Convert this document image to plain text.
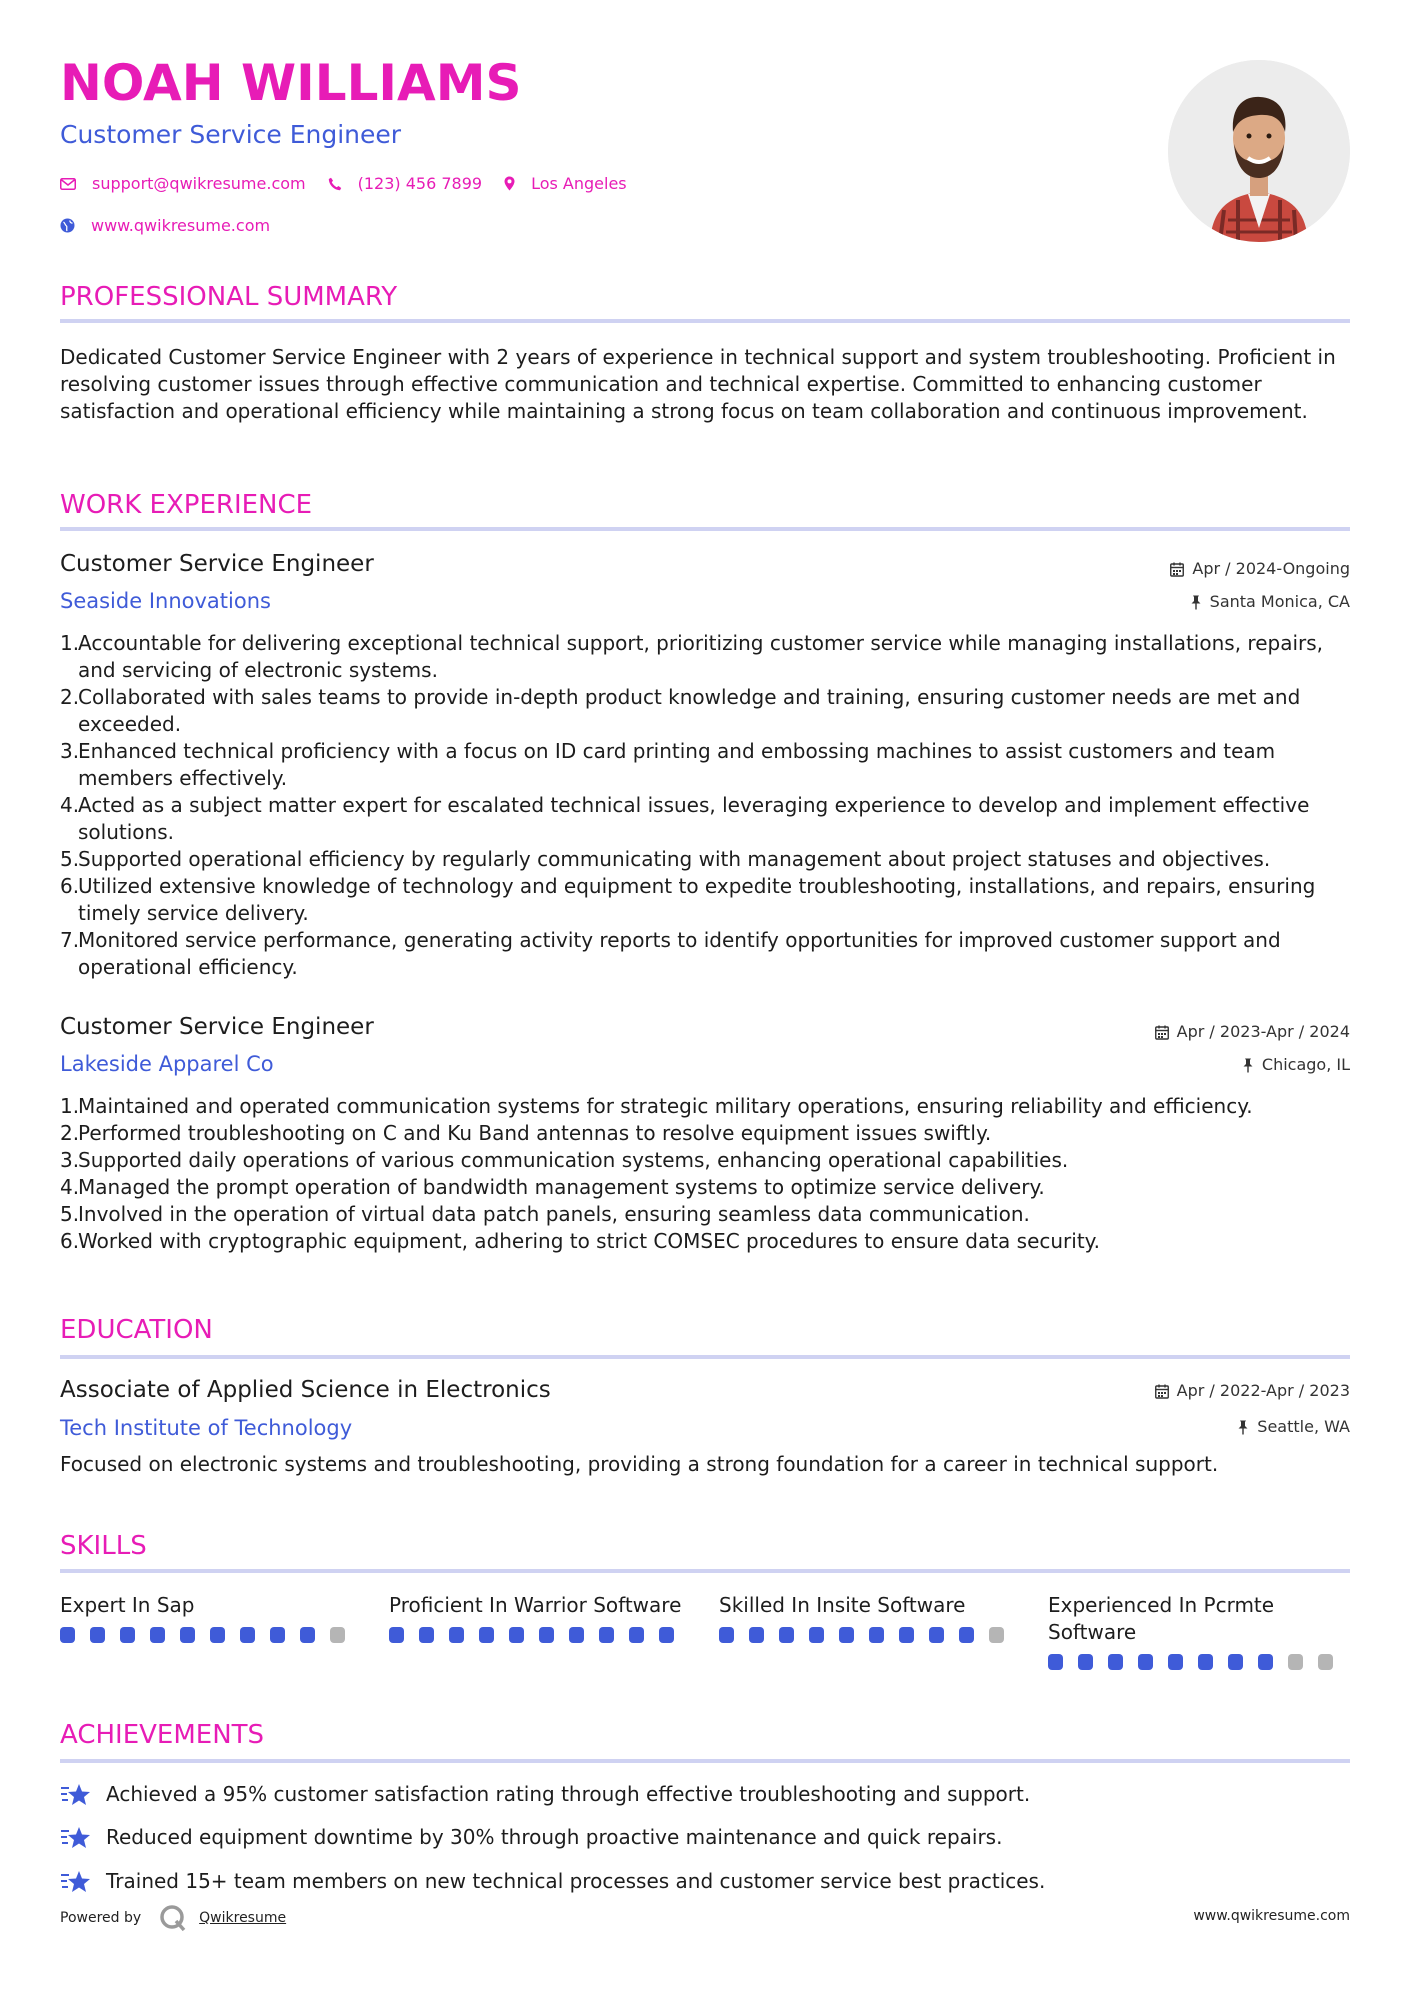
NOAH WILLIAMS
Customer Service Engineer
support@qwikresume.com	(123) 456 7899	Los Angeles
www.qwikresume.com
PROFESSIONAL SUMMARY
Dedicated Customer Service Engineer with 2 years of experience in technical support and system troubleshooting. Proficient in resolving customer issues through effective communication and technical expertise. Committed to enhancing customer satisfaction and operational efficiency while maintaining a strong focus on team collaboration and continuous improvement.
WORK EXPERIENCE
Customer Service Engineer	Apr / 2024-Ongoing
Seaside Innovations	Santa Monica, CA
1.
Accountable for delivering exceptional technical support, prioritizing customer service while managing installations, repairs, and servicing of electronic systems.
2.
Collaborated with sales teams to provide in-depth product knowledge and training, ensuring customer needs are met and exceeded.
3.
Enhanced technical proficiency with a focus on ID card printing and embossing machines to assist customers and team members effectively.
4.
Acted as a subject matter expert for escalated technical issues, leveraging experience to develop and implement effective solutions.
5.
Supported operational efficiency by regularly communicating with management about project statuses and objectives.
6.
Utilized extensive knowledge of technology and equipment to expedite troubleshooting, installations, and repairs, ensuring timely service delivery.
7.
Monitored service performance, generating activity reports to identify opportunities for improved customer support and operational efficiency.
Customer Service Engineer	Apr / 2023-Apr / 2024
Lakeside Apparel Co	Chicago, IL
1.
Maintained and operated communication systems for strategic military operations, ensuring reliability and efficiency.
2.
Performed troubleshooting on C and Ku Band antennas to resolve equipment issues swiftly.
3.
Supported daily operations of various communication systems, enhancing operational capabilities.
4.
Managed the prompt operation of bandwidth management systems to optimize service delivery.
5.
Involved in the operation of virtual data patch panels, ensuring seamless data communication.
6.
Worked with cryptographic equipment, adhering to strict COMSEC procedures to ensure data security.
EDUCATION
Associate of Applied Science in Electronics	Apr / 2022-Apr / 2023
Tech Institute of Technology	Seattle, WA
Focused on electronic systems and troubleshooting, providing a strong foundation for a career in technical support.
SKILLS
Expert In Sap	Proficient In Warrior Software	Skilled In Insite Software	Experienced In Pcrmte Software
ACHIEVEMENTS
Achieved a 95% customer satisfaction rating through effective troubleshooting and support.
Reduced equipment downtime by 30% through proactive maintenance and quick repairs.
Trained 15+ team members on new technical processes and customer service best practices.
Powered by	Qwikresume	www.qwikresume.com
